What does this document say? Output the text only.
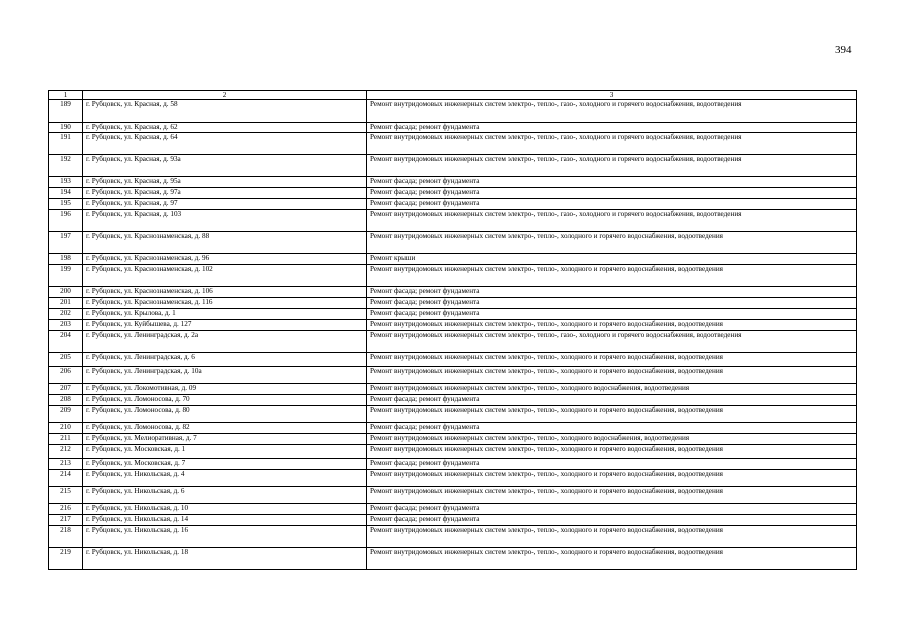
394
1	2	3
189	г. Рубцовск, ул. Красная, д. 58	Ремонт внутридомовых инженерных систем электро-, тепло-, газо-, холодного и горячего водоснабжения, водоотведения
190	г. Рубцовск, ул. Красная, д. 62	Ремонт фасада; ремонт фундамента
191	г. Рубцовск, ул. Красная, д. 64	Ремонт внутридомовых инженерных систем электро-, тепло-, газо-, холодного и горячего водоснабжения, водоотведения
192	г. Рубцовск, ул. Красная, д. 93а	Ремонт внутридомовых инженерных систем электро-, тепло-, газо-, холодного и горячего водоснабжения, водоотведения
193	г. Рубцовск, ул. Красная, д. 95а	Ремонт фасада; ремонт фундамента
194	г. Рубцовск, ул. Красная, д. 97а	Ремонт фасада; ремонт фундамента
195	г. Рубцовск, ул. Красная, д. 97	Ремонт фасада; ремонт фундамента
196	г. Рубцовск, ул. Красная, д. 103	Ремонт внутридомовых инженерных систем электро-, тепло-, газо-, холодного и горячего водоснабжения, водоотведения
197	г. Рубцовск, ул. Краснознаменская, д. 88	Ремонт внутридомовых инженерных систем электро-, тепло-, холодного и горячего водоснабжения, водоотведения
198	г. Рубцовск, ул. Краснознаменская, д. 96	Ремонт крыши
199	г. Рубцовск, ул. Краснознаменская, д. 102	Ремонт внутридомовых инженерных систем электро-, тепло-, холодного и горячего водоснабжения, водоотведения
200	г. Рубцовск, ул. Краснознаменская, д. 106	Ремонт фасада; ремонт фундамента
201	г. Рубцовск, ул. Краснознаменская, д. 116	Ремонт фасада; ремонт фундамента
202	г. Рубцовск, ул. Крылова, д. 1	Ремонт фасада; ремонт фундамента
203	г. Рубцовск, ул. Куйбышева, д. 127	Ремонт внутридомовых инженерных систем электро-, тепло-, холодного и горячего водоснабжения, водоотведения
204	г. Рубцовск, ул. Ленинградская, д. 2а	Ремонт внутридомовых инженерных систем электро-, тепло-, газо-, холодного и горячего водоснабжения, водоотведения
205	г. Рубцовск, ул. Ленинградская, д. 6	Ремонт внутридомовых инженерных систем электро-, тепло-, холодного и горячего водоснабжения, водоотведения
206	г. Рубцовск, ул. Ленинградская, д. 10а	Ремонт внутридомовых инженерных систем электро-, тепло-, холодного и горячего водоснабжения, водоотведения
207	г. Рубцовск, ул. Локомотивная, д. 09	Ремонт внутридомовых инженерных систем электро-, тепло-, холодного водоснабжения, водоотведения
208	г. Рубцовск, ул. Ломоносова, д. 70	Ремонт фасада; ремонт фундамента
209	г. Рубцовск, ул. Ломоносова, д. 80	Ремонт внутридомовых инженерных систем электро-, тепло-, холодного и горячего водоснабжения, водоотведения
210	г. Рубцовск, ул. Ломоносова, д. 82	Ремонт фасада; ремонт фундамента
211	г. Рубцовск, ул. Мелиоративная, д. 7	Ремонт внутридомовых инженерных систем электро-, тепло-, холодного водоснабжения, водоотведения
212	г. Рубцовск, ул. Московская, д. 1	Ремонт внутридомовых инженерных систем электро-, тепло-, холодного и горячего водоснабжения, водоотведения
213	г. Рубцовск, ул. Московская, д. 7	Ремонт фасада; ремонт фундамента
214	г. Рубцовск, ул. Никольская, д. 4	Ремонт внутридомовых инженерных систем электро-, тепло-, холодного и горячего водоснабжения, водоотведения
215	г. Рубцовск, ул. Никольская, д. 6	Ремонт внутридомовых инженерных систем электро-, тепло-, холодного и горячего водоснабжения, водоотведения
216	г. Рубцовск, ул. Никольская, д. 10	Ремонт фасада; ремонт фундамента
217	г. Рубцовск, ул. Никольская, д. 14	Ремонт фасада; ремонт фундамента
218	г. Рубцовск, ул. Никольская, д. 16	Ремонт внутридомовых инженерных систем электро-, тепло-, холодного и горячего водоснабжения, водоотведения
219	г. Рубцовск, ул. Никольская, д. 18	Ремонт внутридомовых инженерных систем электро-, тепло-, холодного и горячего водоснабжения, водоотведения
